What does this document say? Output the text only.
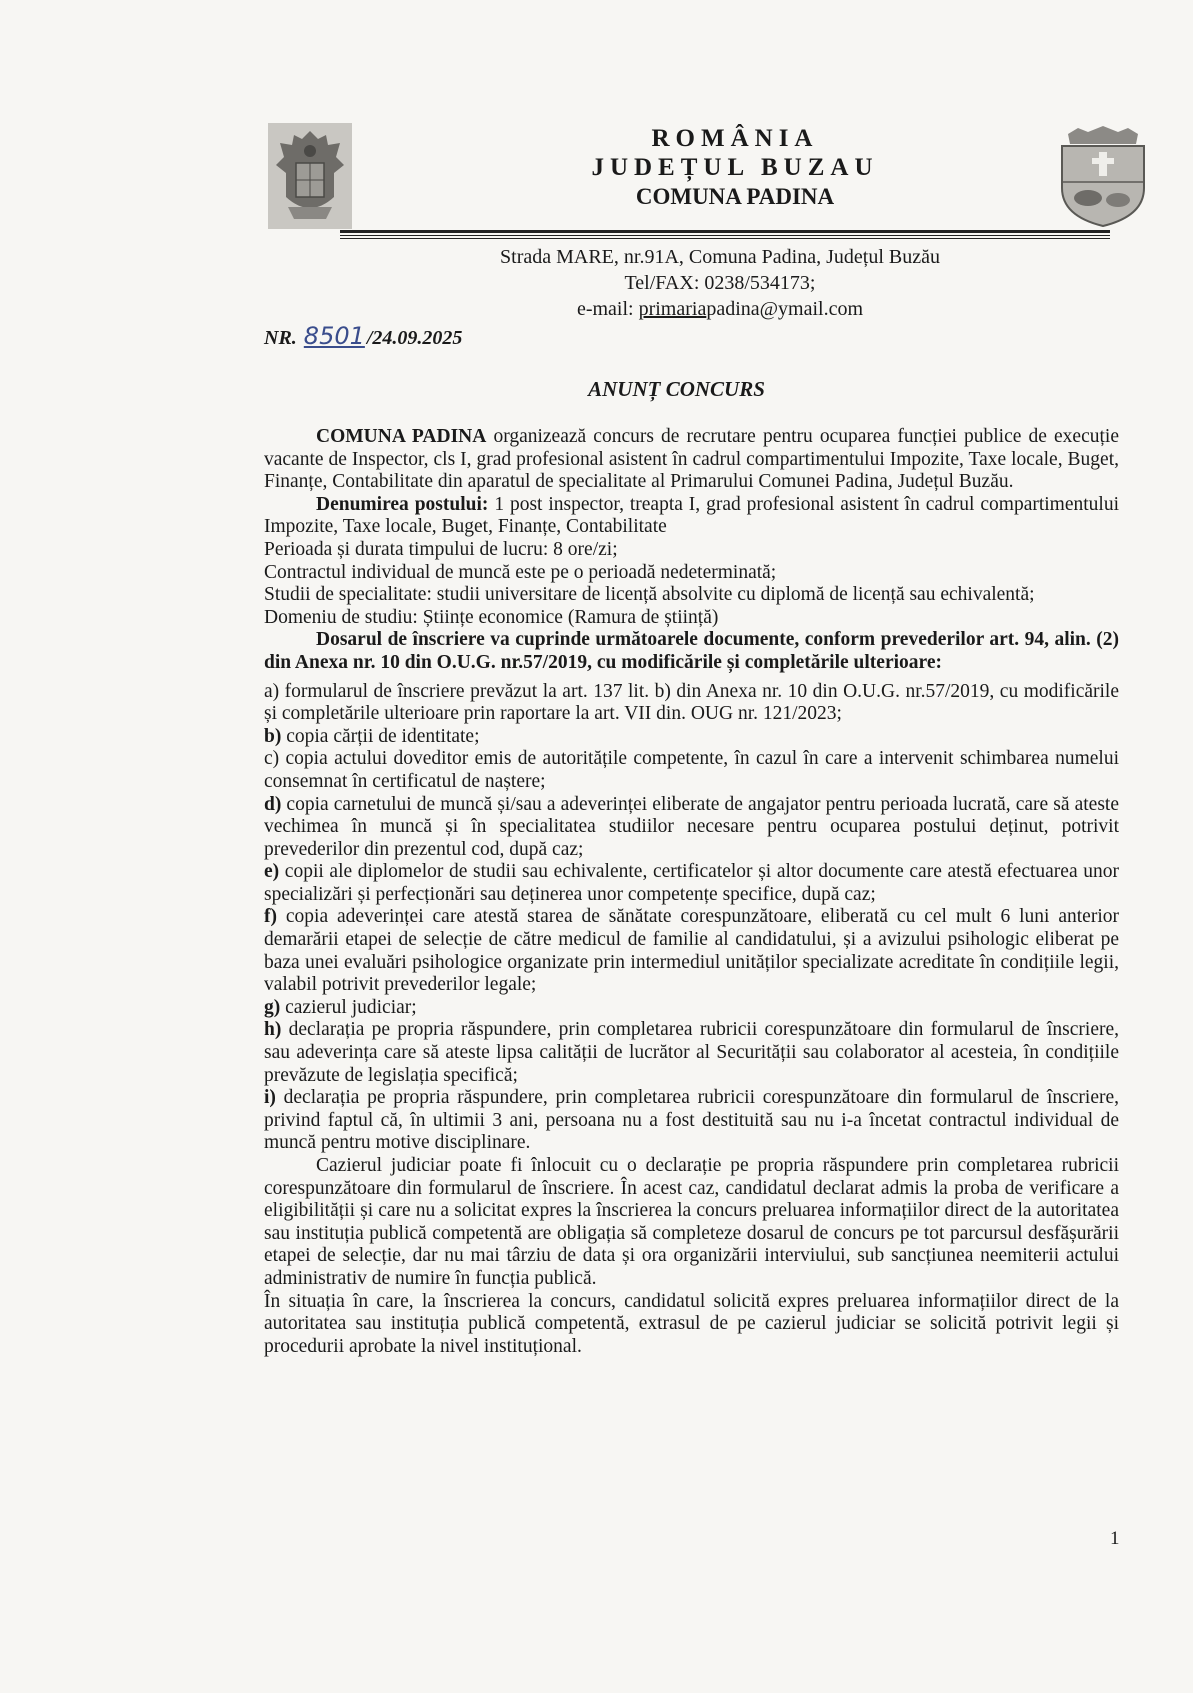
ROMÂNIA
JUDEȚUL BUZAU
COMUNA PADINA
Strada MARE, nr.91A, Comuna Padina, Județul Buzău
Tel/FAX: 0238/534173;
e-mail: primariapadina@ymail.com
NR. 8501 /24.09.2025
ANUNȚ CONCURS

COMUNA PADINA organizează concurs de recrutare pentru ocuparea funcției publice de execuție vacante de Inspector, cls I, grad profesional asistent în cadrul compartimentului Impozite, Taxe locale, Buget, Finanțe, Contabilitate din aparatul de specialitate al Primarului Comunei Padina, Județul Buzău.

Denumirea postului: 1 post inspector, treapta I, grad profesional asistent în cadrul compartimentului Impozite, Taxe locale, Buget, Finanțe, Contabilitate

Perioada și durata timpului de lucru: 8 ore/zi;

Contractul individual de muncă este pe o perioadă nedeterminată;

Studii de specialitate: studii universitare de licență absolvite cu diplomă de licență sau echivalentă;

Domeniu de studiu: Științe economice (Ramura de știință)

Dosarul de înscriere va cuprinde următoarele documente, conform prevederilor art. 94, alin. (2) din Anexa nr. 10 din O.U.G. nr.57/2019, cu modificările și completările ulterioare:

a) formularul de înscriere prevăzut la art. 137 lit. b) din Anexa nr. 10 din O.U.G. nr.57/2019, cu modificările și completările ulterioare prin raportare la art. VII din. OUG nr. 121/2023;

b) copia cărții de identitate;

c) copia actului doveditor emis de autoritățile competente, în cazul în care a intervenit schimbarea numelui consemnat în certificatul de naștere;

d) copia carnetului de muncă și/sau a adeverinței eliberate de angajator pentru perioada lucrată, care să ateste vechimea în muncă și în specialitatea studiilor necesare pentru ocuparea postului deținut, potrivit prevederilor din prezentul cod, după caz;

e) copii ale diplomelor de studii sau echivalente, certificatelor și altor documente care atestă efectuarea unor specializări și perfecționări sau deținerea unor competențe specifice, după caz;

f) copia adeverinței care atestă starea de sănătate corespunzătoare, eliberată cu cel mult 6 luni anterior demarării etapei de selecție de către medicul de familie al candidatului, și a avizului psihologic eliberat pe baza unei evaluări psihologice organizate prin intermediul unităților specializate acreditate în condițiile legii, valabil potrivit prevederilor legale;

g) cazierul judiciar;

h) declarația pe propria răspundere, prin completarea rubricii corespunzătoare din formularul de înscriere, sau adeverința care să ateste lipsa calității de lucrător al Securității sau colaborator al acesteia, în condițiile prevăzute de legislația specifică;

i) declarația pe propria răspundere, prin completarea rubricii corespunzătoare din formularul de înscriere, privind faptul că, în ultimii 3 ani, persoana nu a fost destituită sau nu i-a încetat contractul individual de muncă pentru motive disciplinare.

Cazierul judiciar poate fi înlocuit cu o declarație pe propria răspundere prin completarea rubricii corespunzătoare din formularul de înscriere. În acest caz, candidatul declarat admis la proba de verificare a eligibilității și care nu a solicitat expres la înscrierea la concurs preluarea informațiilor direct de la autoritatea sau instituția publică competentă are obligația să completeze dosarul de concurs pe tot parcursul desfășurării etapei de selecție, dar nu mai târziu de data și ora organizării interviului, sub sancțiunea neemiterii actului administrativ de numire în funcția publică.

În situația în care, la înscrierea la concurs, candidatul solicită expres preluarea informațiilor direct de la autoritatea sau instituția publică competentă, extrasul de pe cazierul judiciar se solicită potrivit legii și procedurii aprobate la nivel instituțional.

1
